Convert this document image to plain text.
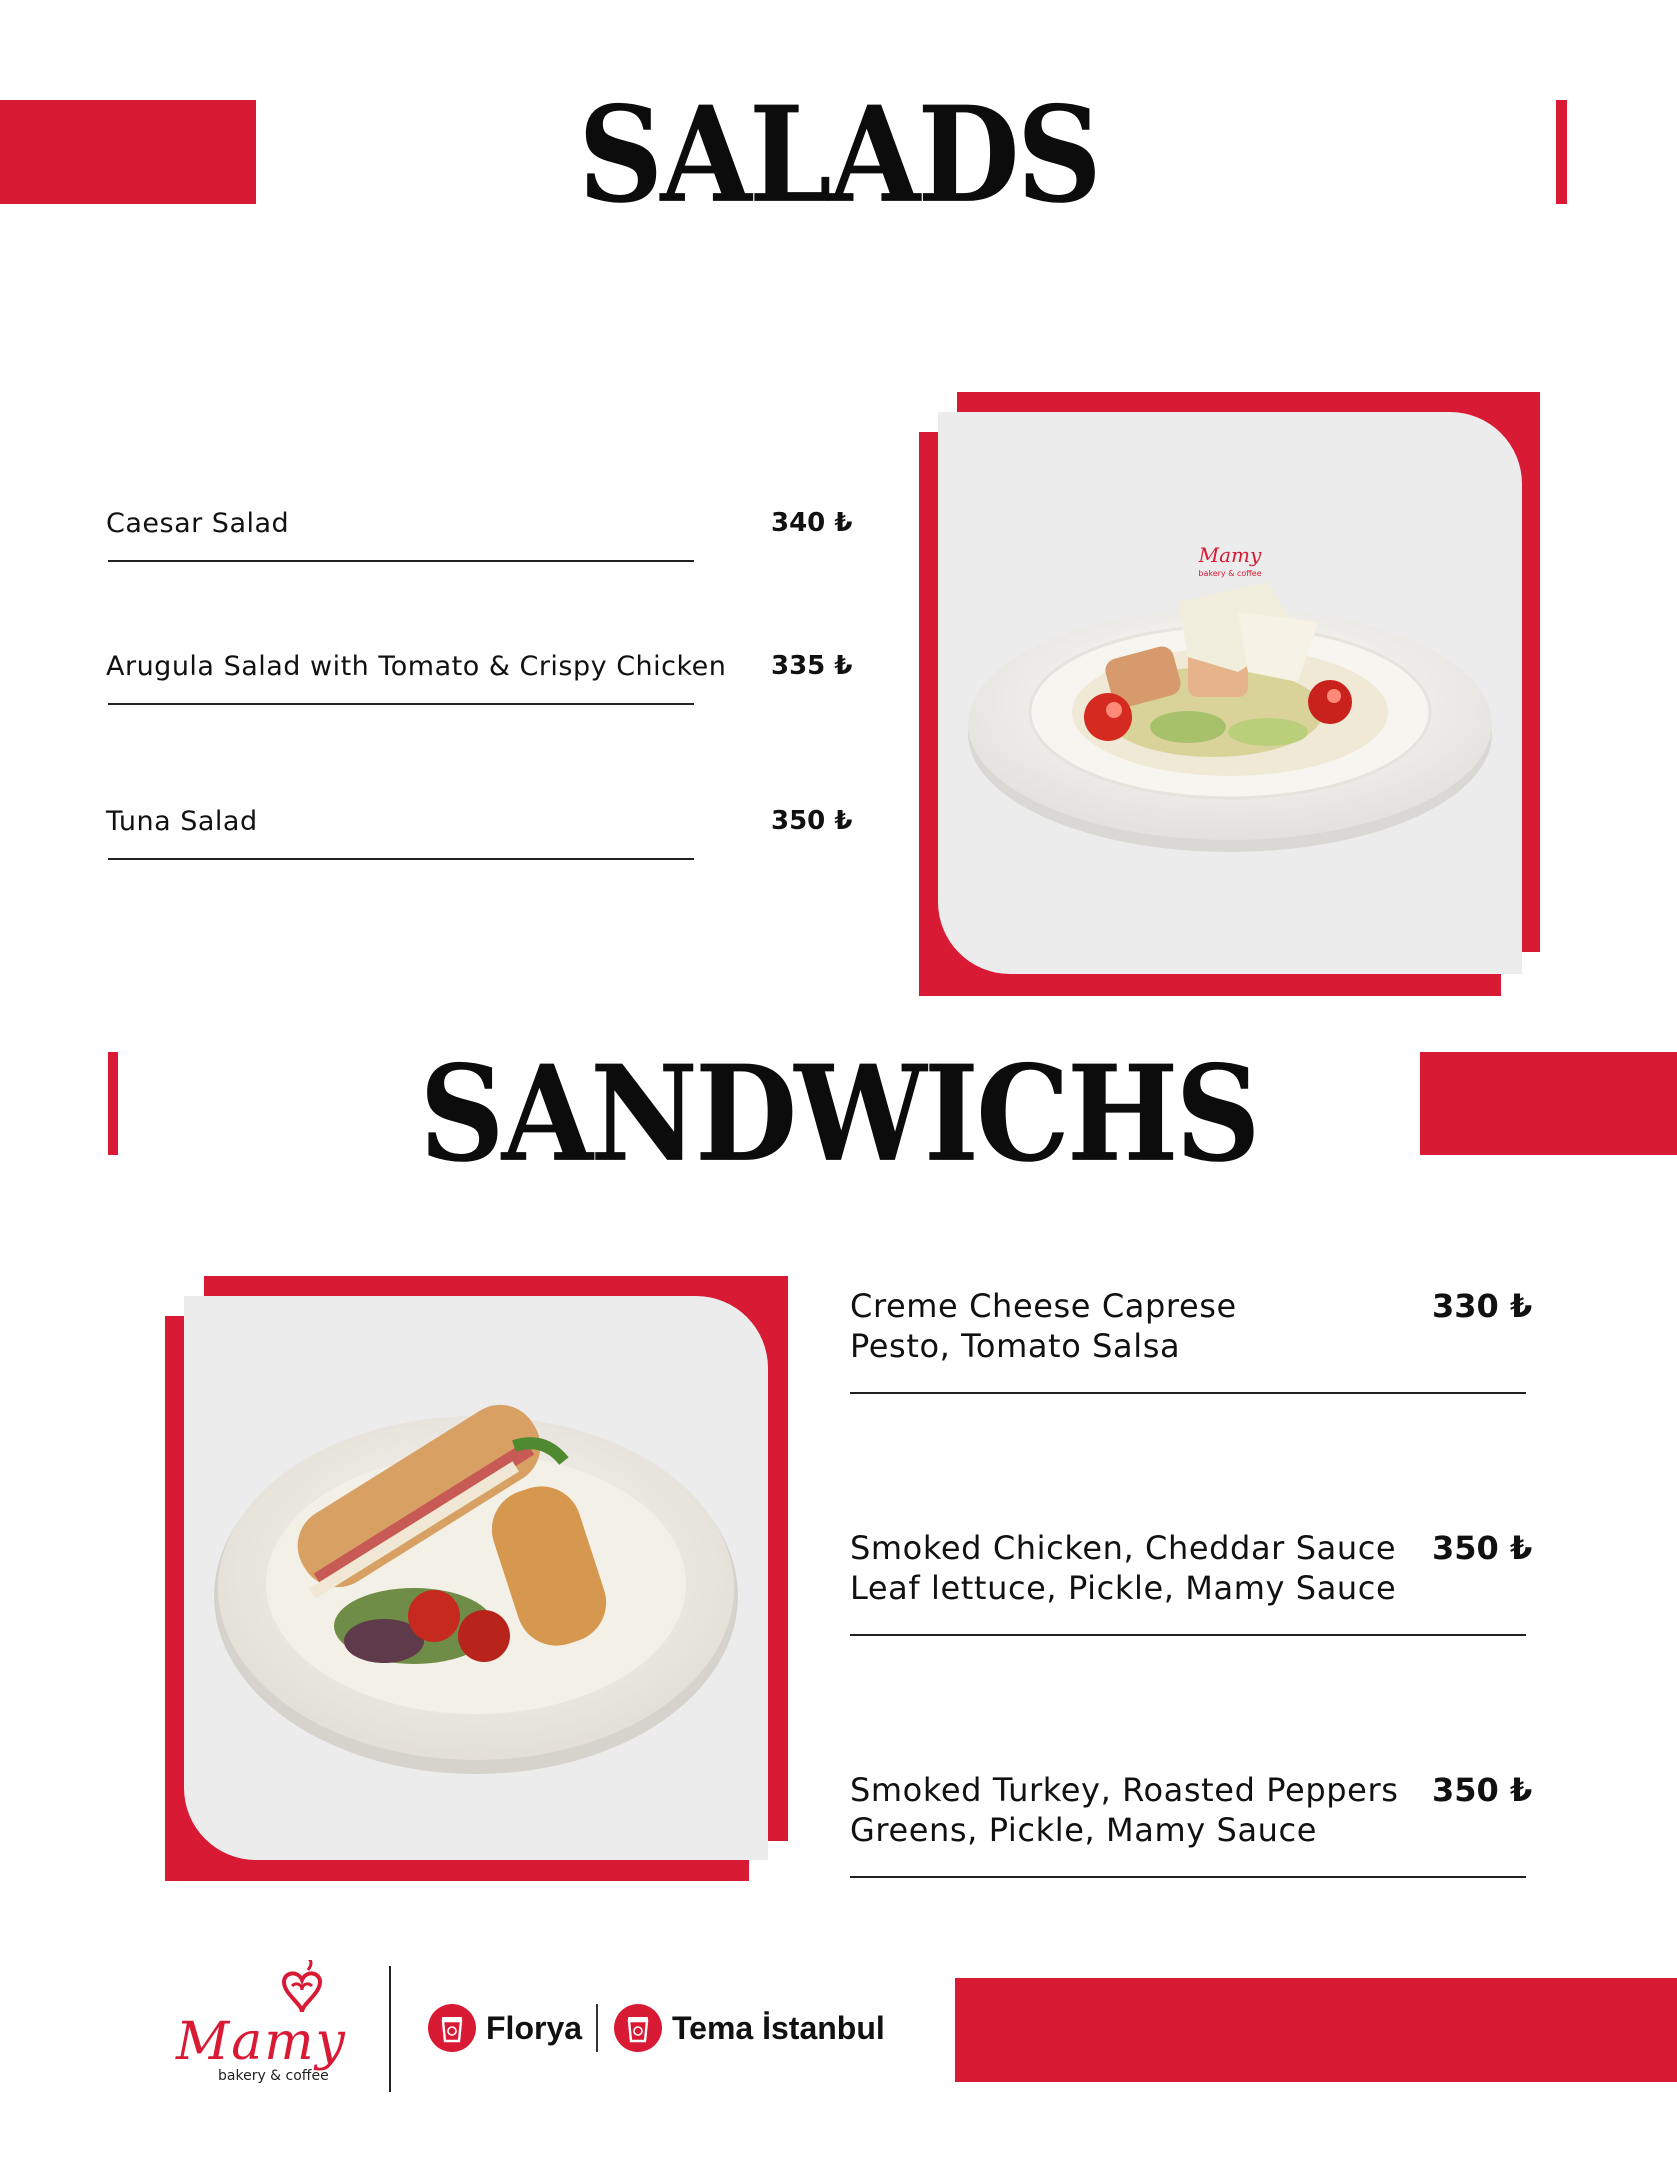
SALADS
Caesar Salad	340 ₺
Arugula Salad with Tomato & Crispy Chicken 335 ₺
Tuna Salad	350 ₺
Mamy
bakery & coffee
SANDWICHS
Creme Cheese Caprese
Pesto, Tomato Salsa
330 ₺
Smoked Chicken, Cheddar Sauce
Leaf lettuce, Pickle, Mamy Sauce
350 ₺
Smoked Turkey, Roasted Peppers
Greens, Pickle, Mamy Sauce
350 ₺
Mamy
bakery & coffee
Florya	Tema İstanbul
